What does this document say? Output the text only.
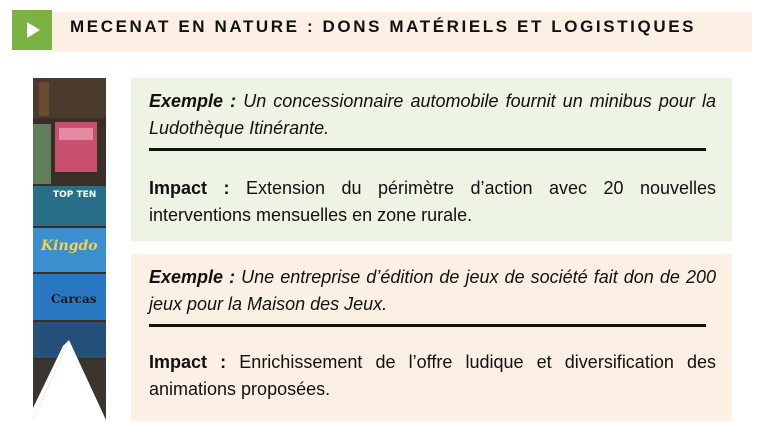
MECENAT EN NATURE : DONS MATÉRIELS ET LOGISTIQUES
TOP TEN
Kingdo
Carcas
Exemple : Un concessionnaire automobile fournit un minibus pour la Ludothèque Itinérante.
Impact : Extension du périmètre d’action avec 20 nouvelles interventions mensuelles en zone rurale.
Exemple : Une entreprise d’édition de jeux de société fait don de 200 jeux pour la Maison des Jeux.
Impact : Enrichissement de l’offre ludique et diversification des animations proposées.
